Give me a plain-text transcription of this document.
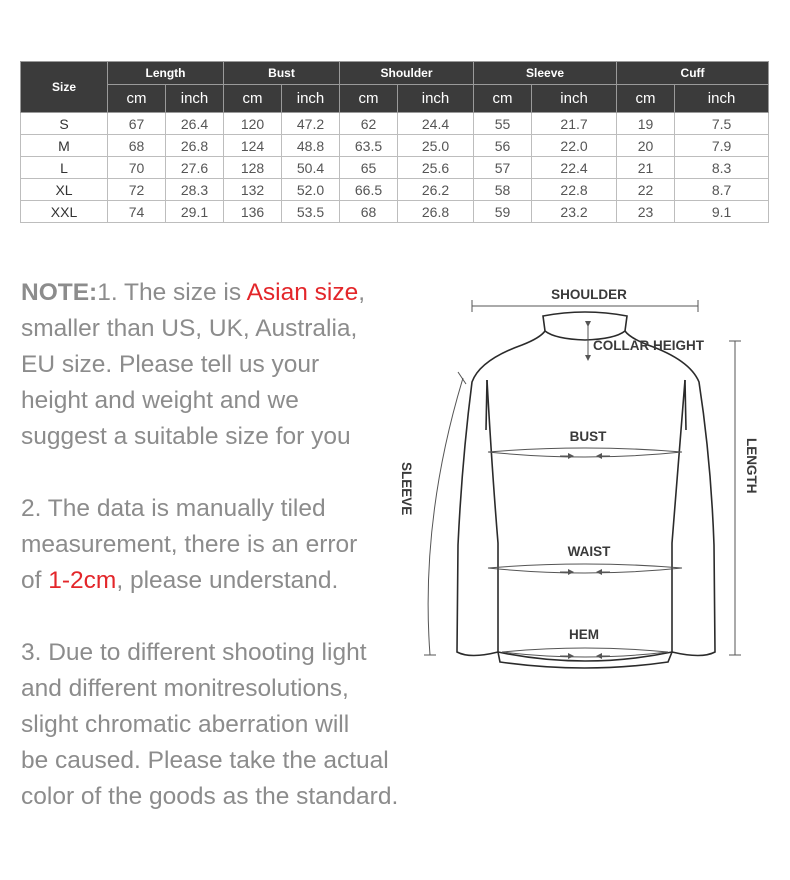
Size	Length		Bust		Shoulder		Sleeve		Cuff	
	cm	inch	cm	inch	cm	inch	cm	inch	cm	inch
S	67	26.4	120	47.2	62	24.4	55	21.7	19	7.5
M	68	26.8	124	48.8	63.5	25.0	56	22.0	20	7.9
L	70	27.6	128	50.4	65	25.6	57	22.4	21	8.3
XL	72	28.3	132	52.0	66.5	26.2	58	22.8	22	8.7
XXL	74	29.1	136	53.5	68	26.8	59	23.2	23	9.1

NOTE:1. The size is Asian size,

smaller than US, UK, Australia,

EU size. Please tell us your

height and weight and we

suggest a suitable size for you

2. The data is manually tiled

measurement, there is an error

of 1-2cm, please understand.

3. Due to different shooting light

and different monitresolutions,

slight chromatic aberration will

be caused. Please take the actual

color of the goods as the standard.

SHOULDER
COLLAR HEIGHT
BUST
WAIST
HEM
SLEEVE	LENGTH
